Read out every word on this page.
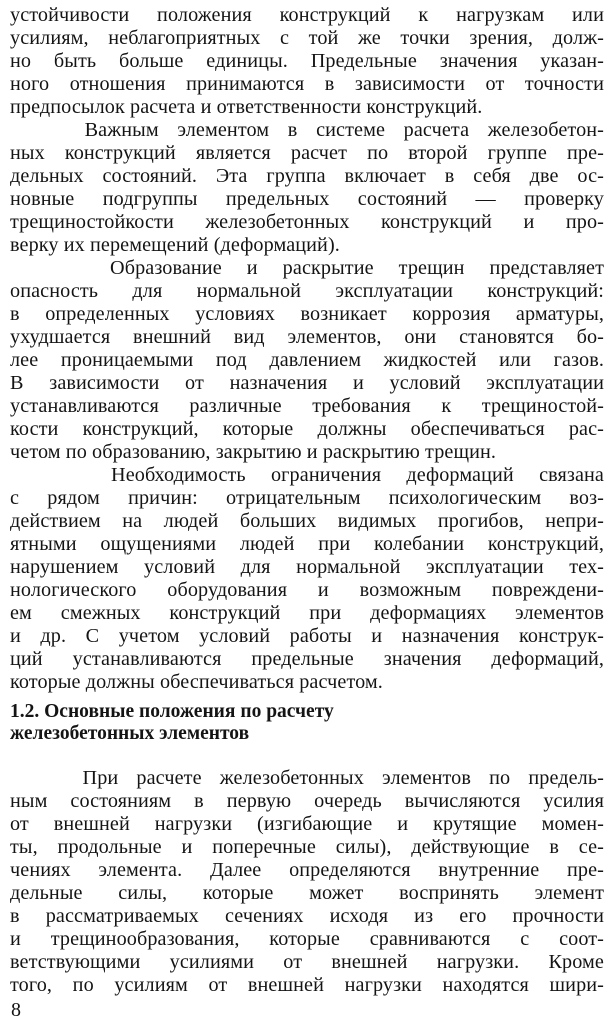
устойчивости положения конструкций к нагрузкам или
усилиям, неблагоприятных с той же точки зрения, долж-
но быть больше единицы. Предельные значения указан-
ного отношения принимаются в зависимости от точности
предпосылок расчета и ответственности конструкций.
Важным элементом в системе расчета железобетон-
ных конструкций является расчет по второй группе пре-
дельных состояний. Эта группа включает в себя две ос-
новные подгруппы предельных состояний — проверку
трещиностойкости железобетонных конструкций и про-
верку их перемещений (деформаций).
Образование и раскрытие трещин представляет
опасность для нормальной эксплуатации конструкций:
в определенных условиях возникает коррозия арматуры,
ухудшается внешний вид элементов, они становятся бо-
лее проницаемыми под давлением жидкостей или газов.
В зависимости от назначения и условий эксплуатации
устанавливаются различные требования к трещиностой-
кости конструкций, которые должны обеспечиваться рас-
четом по образованию, закрытию и раскрытию трещин.
Необходимость ограничения деформаций связана
с рядом причин: отрицательным психологическим воз-
действием на людей больших видимых прогибов, непри-
ятными ощущениями людей при колебании конструкций,
нарушением условий для нормальной эксплуатации тех-
нологического оборудования и возможным повреждени-
ем смежных конструкций при деформациях элементов
и др. С учетом условий работы и назначения конструк-
ций устанавливаются предельные значения деформаций,
которые должны обеспечиваться расчетом.
1.2. Основные положения по расчету
железобетонных элементов
При расчете железобетонных элементов по предель-
ным состояниям в первую очередь вычисляются усилия
от внешней нагрузки (изгибающие и крутящие момен-
ты, продольные и поперечные силы), действующие в се-
чениях элемента. Далее определяются внутренние пре-
дельные силы, которые может воспринять элемент
в рассматриваемых сечениях исходя из его прочности
и трещинообразования, которые сравниваются с соот-
ветствующими усилиями от внешней нагрузки. Кроме
того, по усилиям от внешней нагрузки находятся шири-
8
